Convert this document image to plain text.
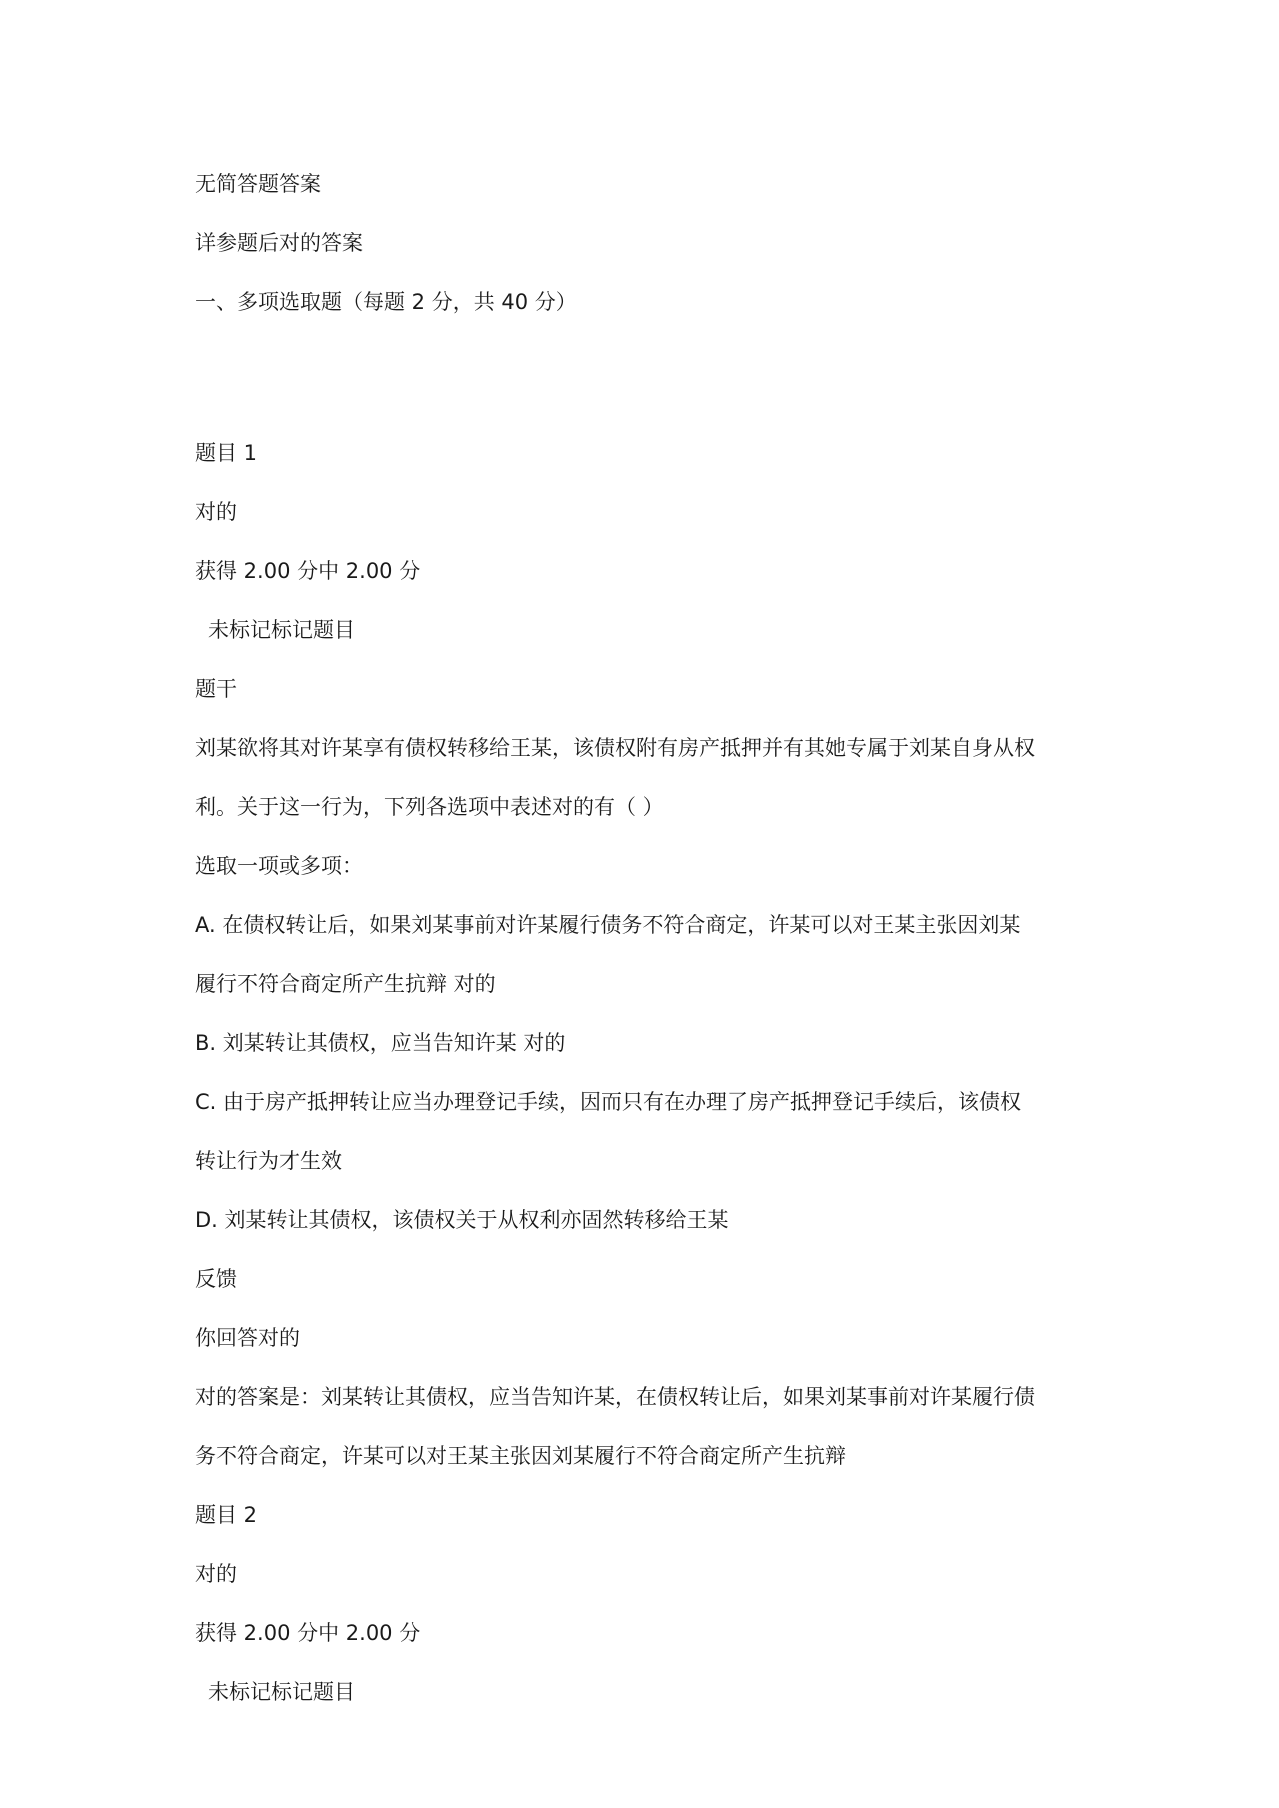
无简答题答案
详参题后对的答案
一、多项选取题（每题 2 分，共 40 分）
题目 1
对的
获得 2.00 分中 2.00 分
未标记标记题目
题干
刘某欲将其对许某享有债权转移给王某，该债权附有房产抵押并有其她专属于刘某自身从权
利。关于这一行为，下列各选项中表述对的有（ ）
选取一项或多项：
A. 在债权转让后，如果刘某事前对许某履行债务不符合商定，许某可以对王某主张因刘某
履行不符合商定所产生抗辩 对的
B. 刘某转让其债权，应当告知许某 对的
C. 由于房产抵押转让应当办理登记手续，因而只有在办理了房产抵押登记手续后，该债权
转让行为才生效
D. 刘某转让其债权，该债权关于从权利亦固然转移给王某
反馈
你回答对的
对的答案是：刘某转让其债权，应当告知许某，在债权转让后，如果刘某事前对许某履行债
务不符合商定，许某可以对王某主张因刘某履行不符合商定所产生抗辩
题目 2
对的
获得 2.00 分中 2.00 分
未标记标记题目
